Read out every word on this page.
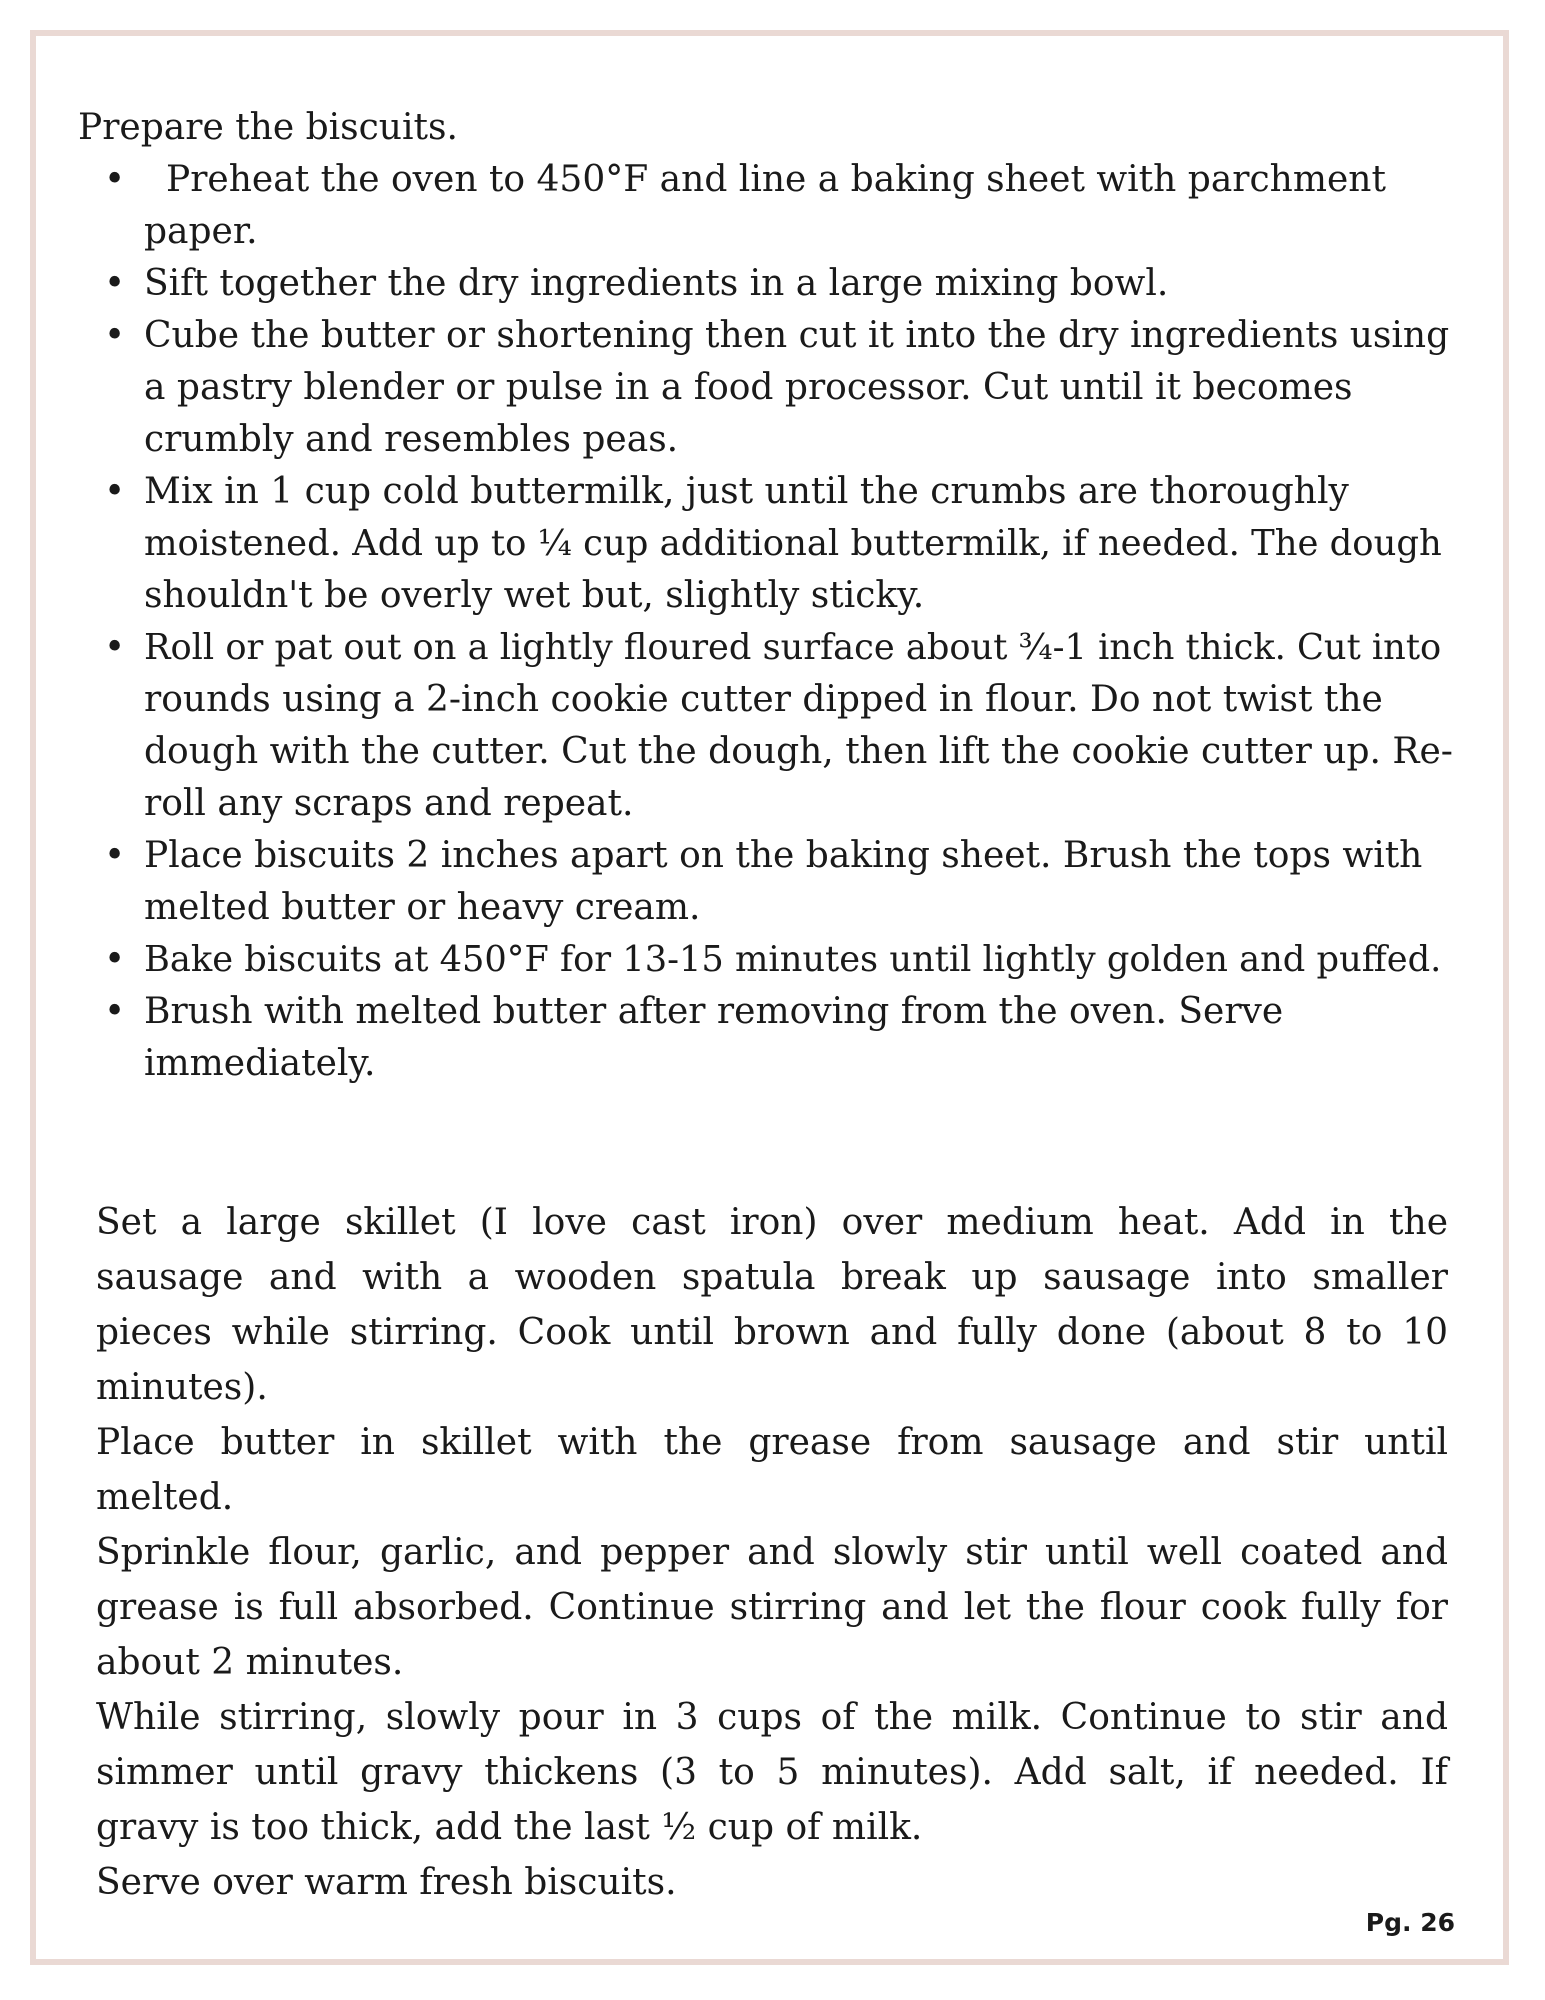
Prepare the biscuits.
•	Preheat the oven to 450°F and line a baking sheet with parchment
paper.
• Sift together the dry ingredients in a large mixing bowl.
• Cube the butter or shortening then cut it into the dry ingredients using
a pastry blender or pulse in a food processor. Cut until it becomes
crumbly and resembles peas.
• Mix in 1 cup cold buttermilk, just until the crumbs are thoroughly
moistened. Add up to ¼ cup additional buttermilk, if needed. The dough
shouldn't be overly wet but, slightly sticky.
• Roll or pat out on a lightly floured surface about ¾-1 inch thick. Cut into
rounds using a 2-inch cookie cutter dipped in flour. Do not twist the
dough with the cutter. Cut the dough, then lift the cookie cutter up. Re-
roll any scraps and repeat.
• Place biscuits 2 inches apart on the baking sheet. Brush the tops with
melted butter or heavy cream.
• Bake biscuits at 450°F for 13-15 minutes until lightly golden and puffed.
• Brush with melted butter after removing from the oven. Serve
immediately.

Set a large skillet (I love cast iron) over medium heat. Add in the
sausage and with a wooden spatula break up sausage into smaller
pieces while stirring. Cook until brown and fully done (about 8 to 10
minutes).

Place butter in skillet with the grease from sausage and stir until
melted.

Sprinkle flour, garlic, and pepper and slowly stir until well coated and
grease is full absorbed. Continue stirring and let the flour cook fully for
about 2 minutes.

While stirring, slowly pour in 3 cups of the milk. Continue to stir and
simmer until gravy thickens (3 to 5 minutes). Add salt, if needed. If
gravy is too thick, add the last ½ cup of milk.

Serve over warm fresh biscuits.

Pg. 26
